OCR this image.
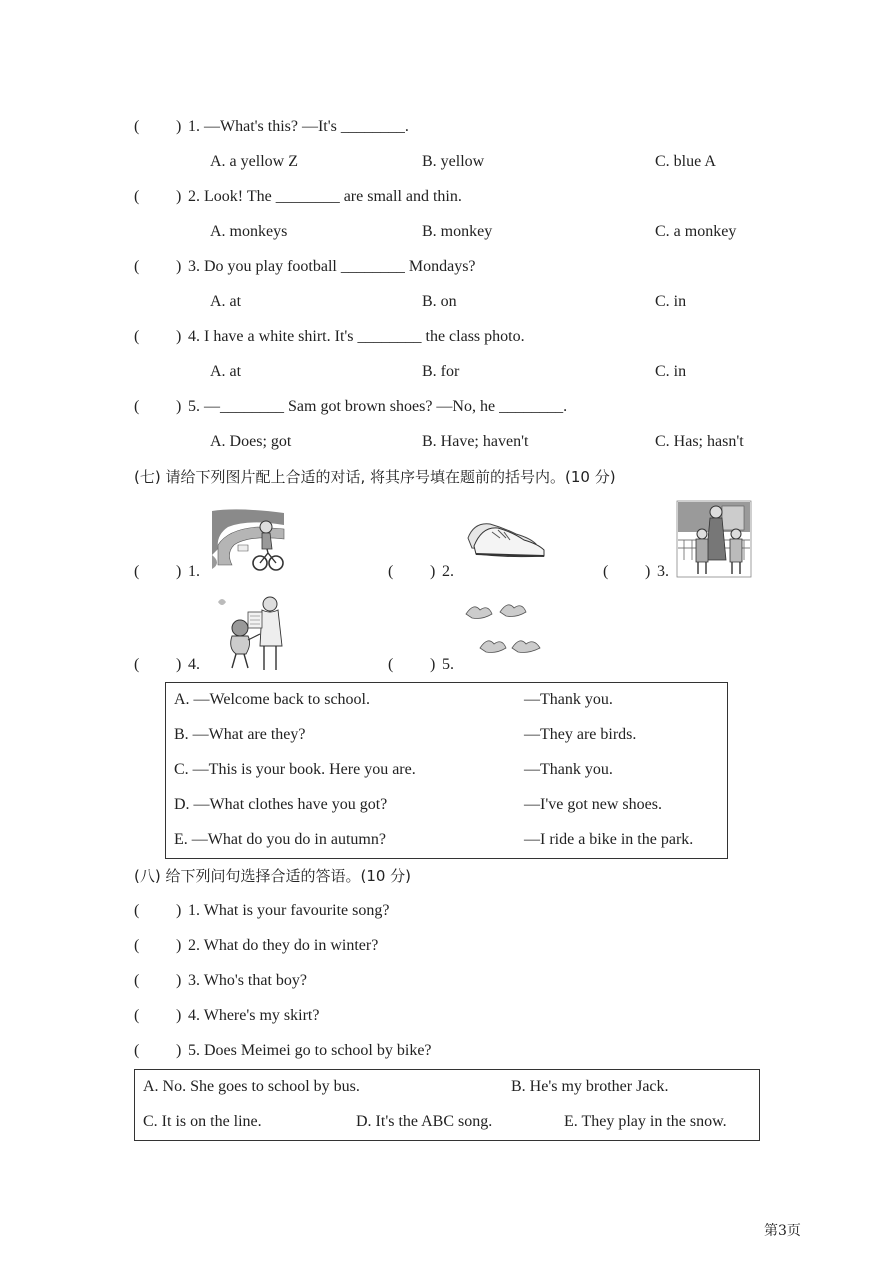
( ) 1. —What's this? —It's ________.
A. a yellow Z	B. yellow	C. blue A
( ) 2. Look! The ________ are small and thin.
A. monkeys	B. monkey	C. a monkey
( ) 3. Do you play football ________ Mondays?
A. at	B. on	C. in
( ) 4. I have a white shirt. It's ________ the class photo.
A. at	B. for	C. in
( ) 5. —________ Sam got brown shoes? —No, he ________.
A. Does; got	B. Have; haven't	C. Has; hasn't
(七) 请给下列图片配上合适的对话, 将其序号填在题前的括号内。(10 分)
( ) 1.	( ) 2.	( ) 3.
( ) 4.	( ) 5.
A. —Welcome back to school.	—Thank you.
B. —What are they?	—They are birds.
C. —This is your book. Here you are.	—Thank you.
D. —What clothes have you got?	—I've got new shoes.
E. —What do you do in autumn?	—I ride a bike in the park.
(八) 给下列问句选择合适的答语。(10 分)
( ) 1. What is your favourite song?
( ) 2. What do they do in winter?
( ) 3. Who's that boy?
( ) 4. Where's my skirt?
( ) 5. Does Meimei go to school by bike?
A. No. She goes to school by bus.	B. He's my brother Jack.
C. It is on the line.	D. It's the ABC song.	E. They play in the snow.
第3页
